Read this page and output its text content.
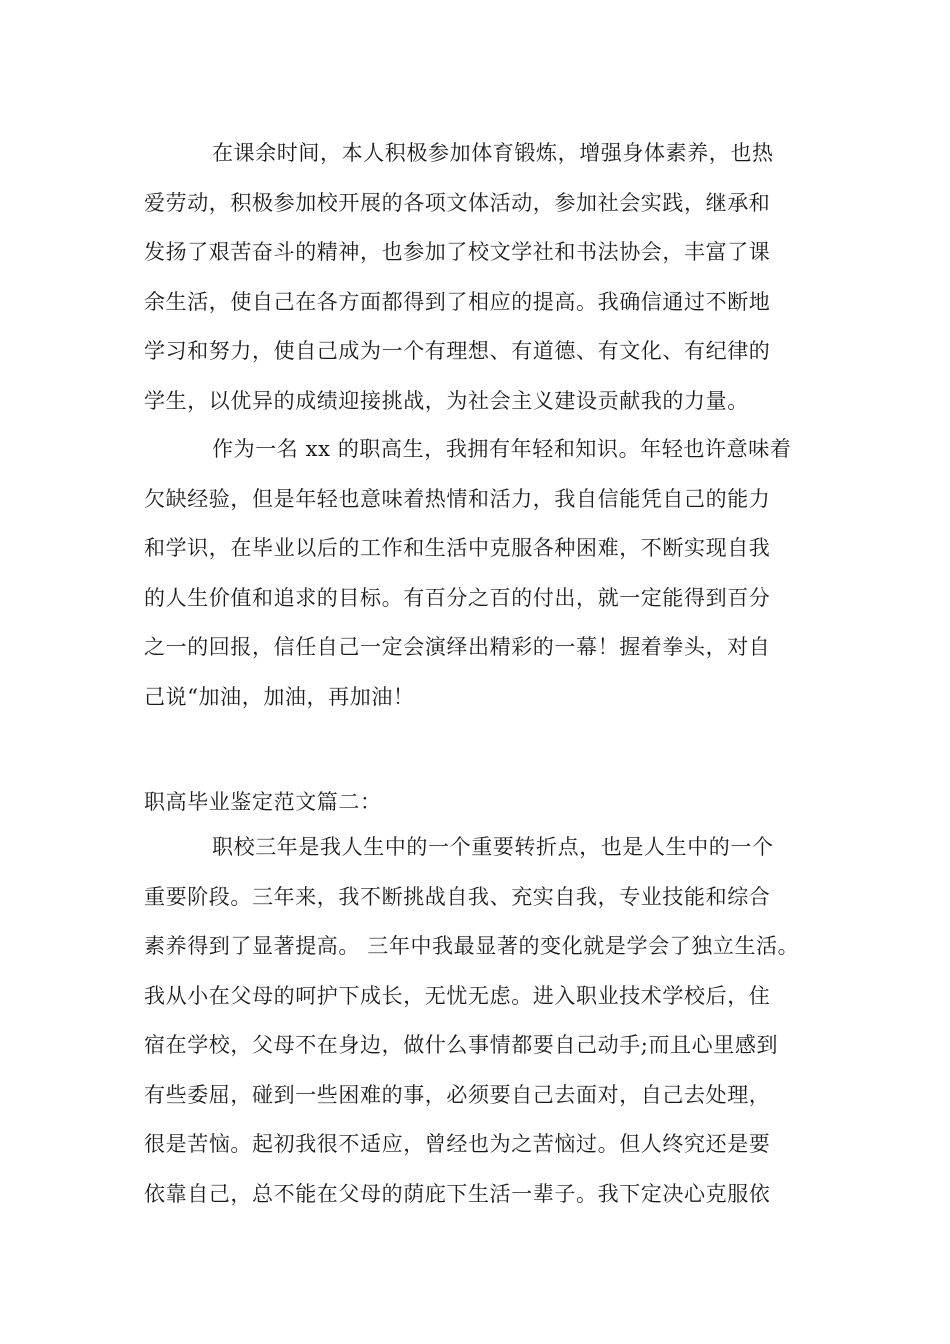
在课余时间，本人积极参加体育锻炼，增强身体素养，也热
爱劳动，积极参加校开展的各项文体活动，参加社会实践，继承和
发扬了艰苦奋斗的精神，也参加了校文学社和书法协会，丰富了课
余生活，使自己在各方面都得到了相应的提高。我确信通过不断地
学习和努力，使自己成为一个有理想、有道德、有文化、有纪律的
学生，以优异的成绩迎接挑战，为社会主义建设贡献我的力量。
作为一名 xx 的职高生，我拥有年轻和知识。年轻也许意味着
欠缺经验，但是年轻也意味着热情和活力，我自信能凭自己的能力
和学识，在毕业以后的工作和生活中克服各种困难，不断实现自我
的人生价值和追求的目标。有百分之百的付出，就一定能得到百分
之一的回报，信任自己一定会演绎出精彩的一幕！握着拳头，对自
己说“加油，加油，再加油！
职高毕业鉴定范文篇二：
职校三年是我人生中的一个重要转折点，也是人生中的一个
重要阶段。三年来，我不断挑战自我、充实自我，专业技能和综合
素养得到了显著提高。 三年中我最显著的变化就是学会了独立生活。
我从小在父母的呵护下成长，无忧无虑。进入职业技术学校后，住
宿在学校，父母不在身边，做什么事情都要自己动手;而且心里感到
有些委屈，碰到一些困难的事，必须要自己去面对，自己去处理，
很是苦恼。起初我很不适应，曾经也为之苦恼过。但人终究还是要
依靠自己，总不能在父母的荫庇下生活一辈子。我下定决心克服依
